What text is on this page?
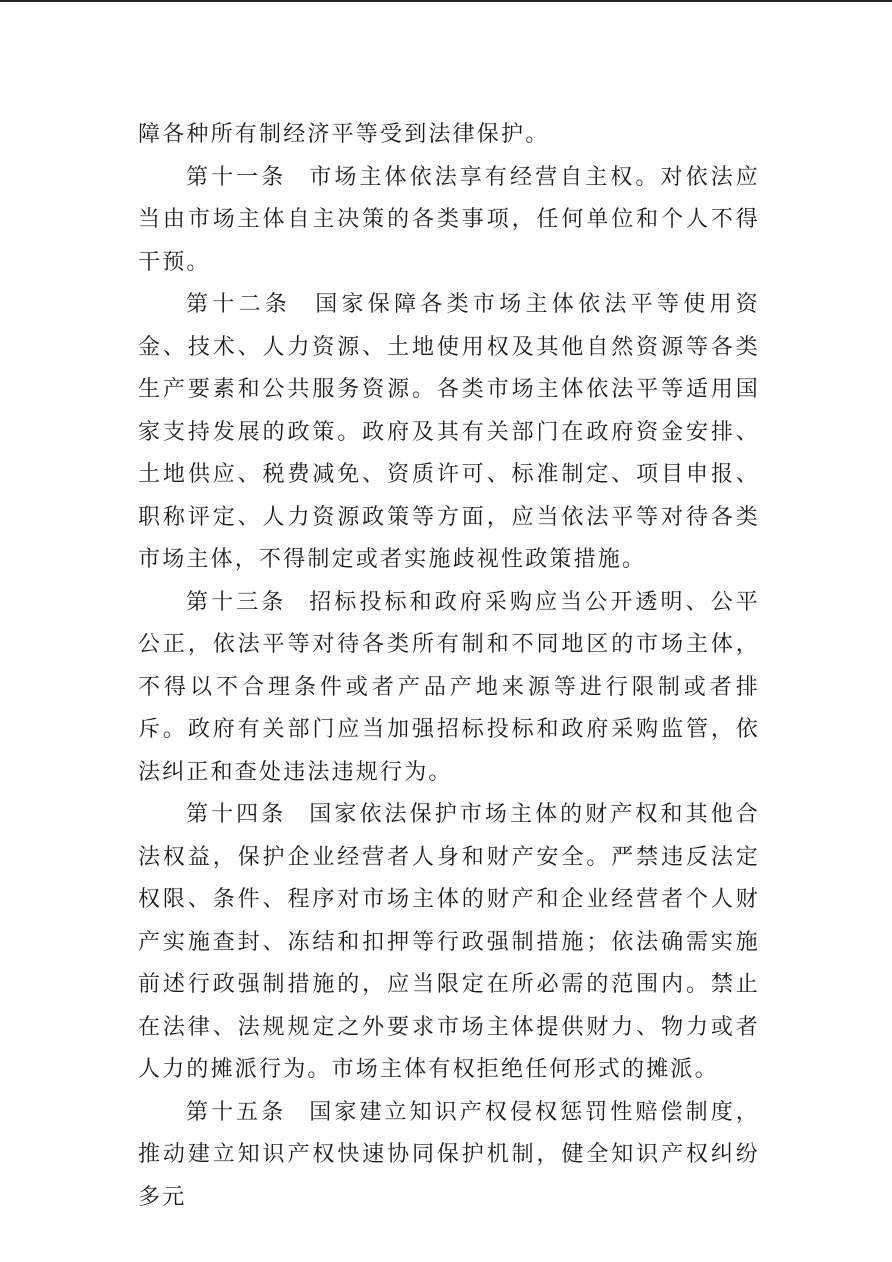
障各种所有制经济平等受到法律保护。

第十一条 市场主体依法享有经营自主权。对依法应当由市场主体自主决策的各类事项，任何单位和个人不得干预。

第十二条 国家保障各类市场主体依法平等使用资金、技术、人力资源、土地使用权及其他自然资源等各类生产要素和公共服务资源。各类市场主体依法平等适用国家支持发展的政策。政府及其有关部门在政府资金安排、土地供应、税费减免、资质许可、标准制定、项目申报、职称评定、人力资源政策等方面，应当依法平等对待各类市场主体，不得制定或者实施歧视性政策措施。

第十三条 招标投标和政府采购应当公开透明、公平公正，依法平等对待各类所有制和不同地区的市场主体，不得以不合理条件或者产品产地来源等进行限制或者排斥。政府有关部门应当加强招标投标和政府采购监管，依法纠正和查处违法违规行为。

第十四条 国家依法保护市场主体的财产权和其他合法权益，保护企业经营者人身和财产安全。严禁违反法定权限、条件、程序对市场主体的财产和企业经营者个人财产实施查封、冻结和扣押等行政强制措施；依法确需实施前述行政强制措施的，应当限定在所必需的范围内。禁止在法律、法规规定之外要求市场主体提供财力、物力或者人力的摊派行为。市场主体有权拒绝任何形式的摊派。

第十五条 国家建立知识产权侵权惩罚性赔偿制度，推动建立知识产权快速协同保护机制，健全知识产权纠纷多元
